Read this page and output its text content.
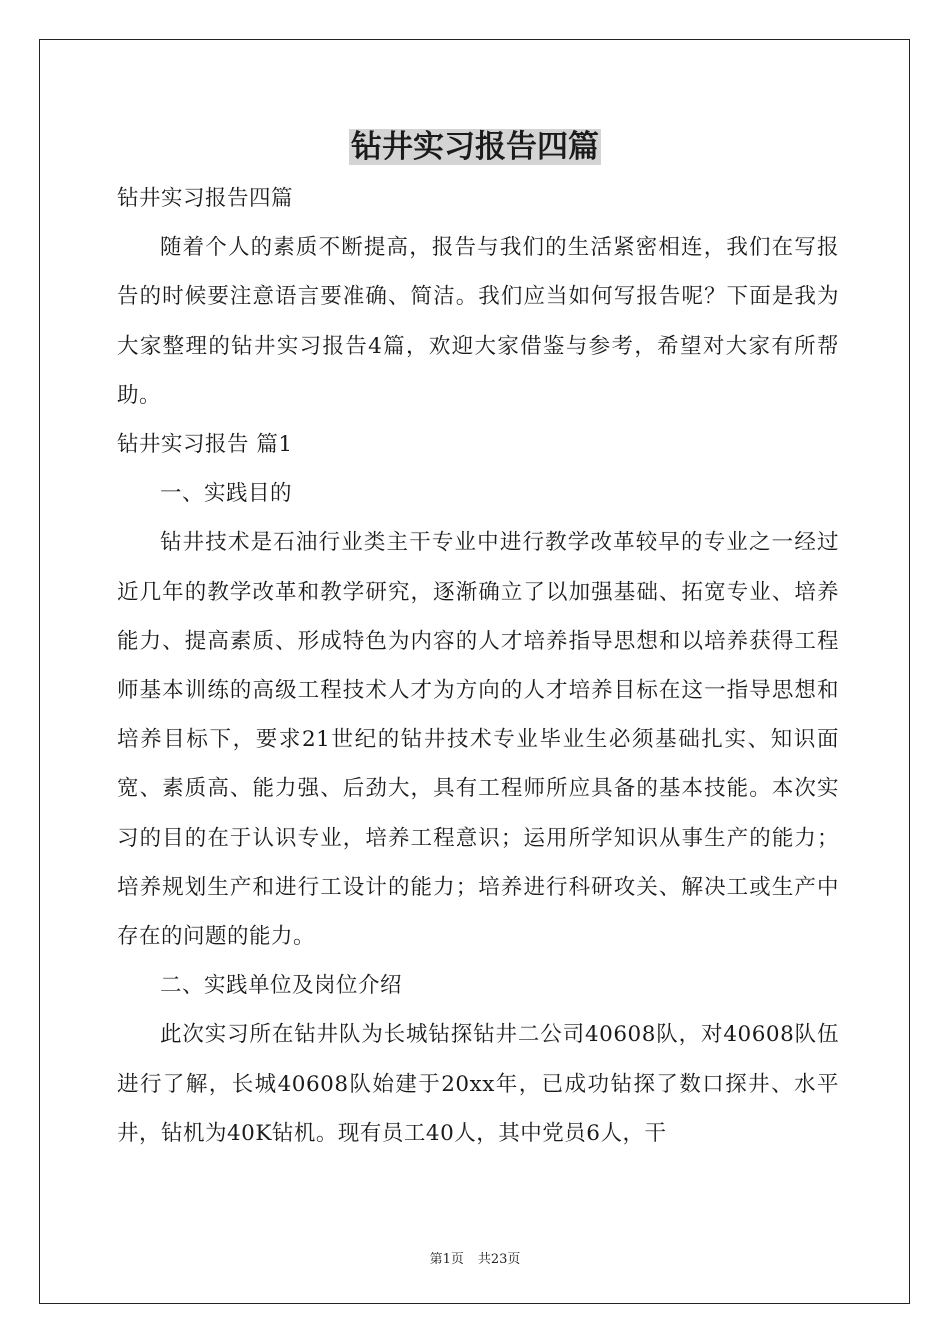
钻井实习报告四篇

钻井实习报告四篇

随着个人的素质不断提高，报告与我们的生活紧密相连，我们在写报告的时候要注意语言要准确、简洁。我们应当如何写报告呢？下面是我为大家整理的钻井实习报告4篇，欢迎大家借鉴与参考，希望对大家有所帮助。

钻井实习报告 篇1

一、实践目的

钻井技术是石油行业类主干专业中进行教学改革较早的专业之一经过近几年的教学改革和教学研究，逐渐确立了以加强基础、拓宽专业、培养能力、提高素质、形成特色为内容的人才培养指导思想和以培养获得工程师基本训练的高级工程技术人才为方向的人才培养目标在这一指导思想和培养目标下，要求21世纪的钻井技术专业毕业生必须基础扎实、知识面宽、素质高、能力强、后劲大，具有工程师所应具备的基本技能。本次实习的目的在于认识专业，培养工程意识；运用所学知识从事生产的能力；培养规划生产和进行工设计的能力；培养进行科研攻关、解决工或生产中存在的问题的能力。

二、实践单位及岗位介绍

此次实习所在钻井队为长城钻探钻井二公司40608队，对40608队伍进行了解，长城40608队始建于20xx年，已成功钻探了数口探井、水平井，钻机为40K钻机。现有员工40人，其中党员6人，干

第1页 共23页
